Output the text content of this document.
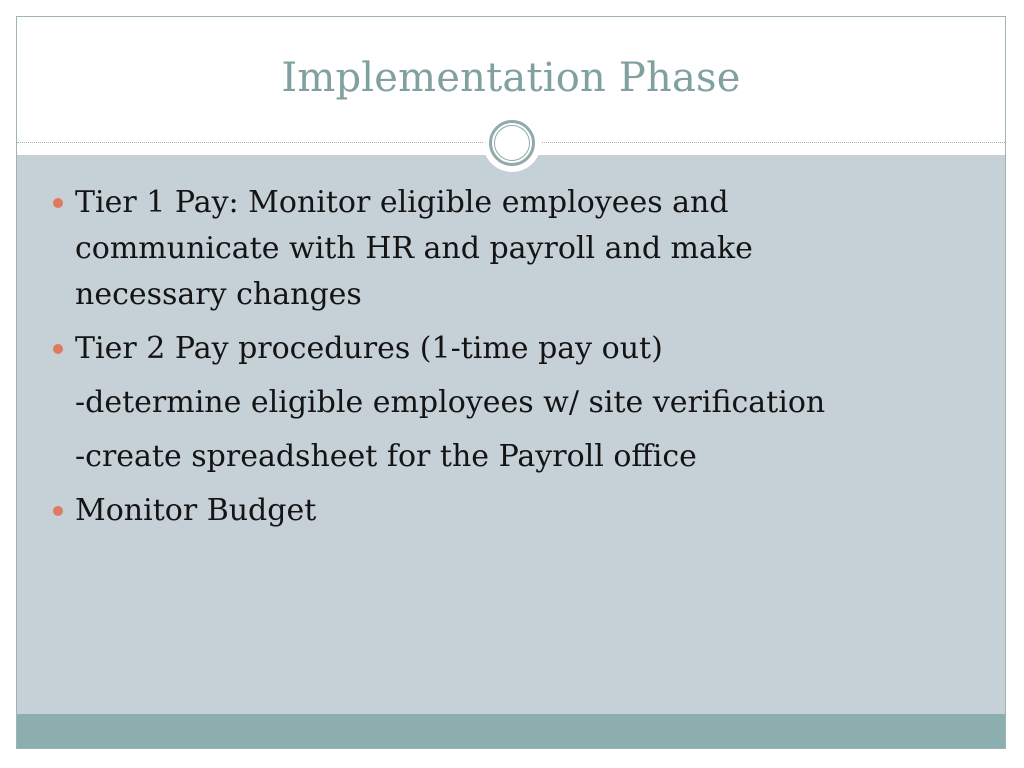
Implementation Phase
Tier 1 Pay: Monitor eligible employees and
communicate with HR and payroll and make
necessary changes
Tier 2 Pay procedures (1-time pay out)
-determine eligible employees w/ site verification
-create spreadsheet for the Payroll office
Monitor Budget
